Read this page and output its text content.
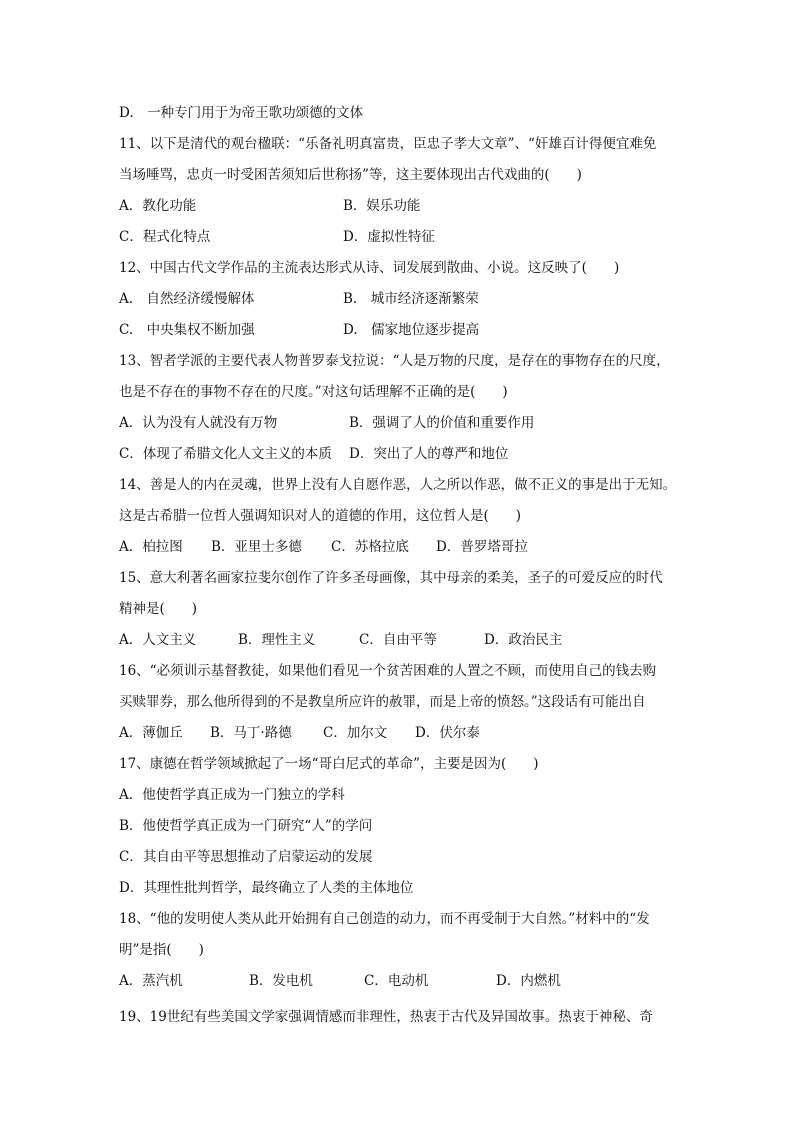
D.　一种专门用于为帝王歌功颂德的文体
11、以下是清代的观台楹联：“乐备礼明真富贵，臣忠子孝大文章”、“奸雄百计得便宜难免
当场唾骂，忠贞一时受困苦须知后世称扬”等，这主要体现出古代戏曲的(　　)
A．教化功能	B．娱乐功能
C．程式化特点	D．虚拟性特征
12、中国古代文学作品的主流表达形式从诗、词发展到散曲、小说。这反映了(　　)
A.　自然经济缓慢解体	B.　城市经济逐渐繁荣
C.　中央集权不断加强	D.　儒家地位逐步提高
13、智者学派的主要代表人物普罗泰戈拉说：“人是万物的尺度，是存在的事物存在的尺度，
也是不存在的事物不存在的尺度。”对这句话理解不正确的是(　　)
A．认为没有人就没有万物	B．强调了人的价值和重要作用
C．体现了希腊文化人文主义的本质 D．突出了人的尊严和地位
14、善是人的内在灵魂，世界上没有人自愿作恶，人之所以作恶，做不正义的事是出于无知。
这是古希腊一位哲人强调知识对人的道德的作用，这位哲人是(　　)
A．柏拉图 B．亚里士多德 C．苏格拉底 D．普罗塔哥拉
15、意大利著名画家拉斐尔创作了许多圣母画像，其中母亲的柔美，圣子的可爱反应的时代
精神是(　　)
A．人文主义	B．理性主义	C．自由平等	D．政治民主
16、“必须训示基督教徒，如果他们看见一个贫苦困难的人置之不顾，而使用自己的钱去购
买赎罪券，那么他所得到的不是教皇所应许的赦罪，而是上帝的愤怒。”这段话有可能出自
A．薄伽丘 B．马丁·路德 C．加尔文 D．伏尔泰
17、康德在哲学领域掀起了一场“哥白尼式的革命”，主要是因为(　　)
A．他使哲学真正成为一门独立的学科
B．他使哲学真正成为一门研究“人”的学问
C．其自由平等思想推动了启蒙运动的发展
D．其理性批判哲学，最终确立了人类的主体地位
18、“他的发明使人类从此开始拥有自己创造的动力，而不再受制于大自然。”材料中的“发
明”是指(　　)
A．蒸汽机	B．发电机	C．电动机	D．内燃机
19、19世纪有些美国文学家强调情感而非理性，热衷于古代及异国故事。热衷于神秘、奇
